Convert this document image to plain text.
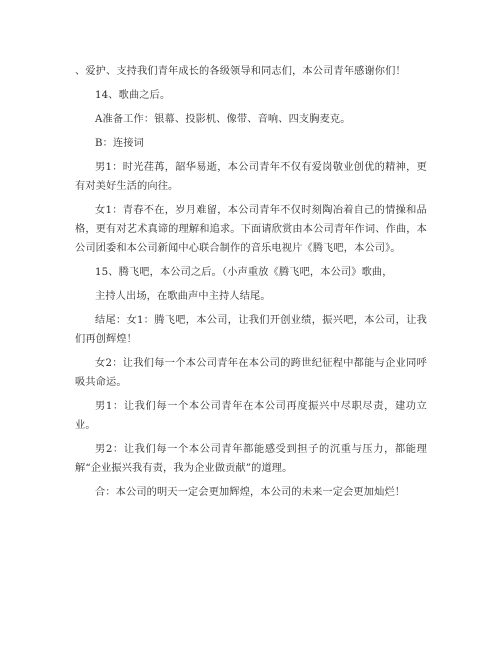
、爱护、支持我们青年成长的各级领导和同志们，本公司青年感谢你们！

14、歌曲之后。

A准备工作：银幕、投影机、像带、音响、四支胸麦克。

B：连接词

男1：时光荏苒，韶华易逝，本公司青年不仅有爱岗敬业创优的精神，更有对美好生活的向往。

女1：青春不在，岁月难留，本公司青年不仅时刻陶冶着自己的情操和品格，更有对艺术真谛的理解和追求。下面请欣赏由本公司青年作词、作曲，本公司团委和本公司新闻中心联合制作的音乐电视片《腾飞吧，本公司》。

15、腾飞吧，本公司之后。（小声重放《腾飞吧，本公司》歌曲，

主持人出场，在歌曲声中主持人结尾。

结尾：女1：腾飞吧，本公司，让我们开创业绩，振兴吧，本公司，让我们再创辉煌！

女2：让我们每一个本公司青年在本公司的跨世纪征程中都能与企业同呼吸共命运。

男1：让我们每一个本公司青年在本公司再度振兴中尽职尽责，建功立业。

男2：让我们每一个本公司青年都能感受到担子的沉重与压力，都能理解“企业振兴我有责，我为企业做贡献”的道理。

合：本公司的明天一定会更加辉煌，本公司的未来一定会更加灿烂！
